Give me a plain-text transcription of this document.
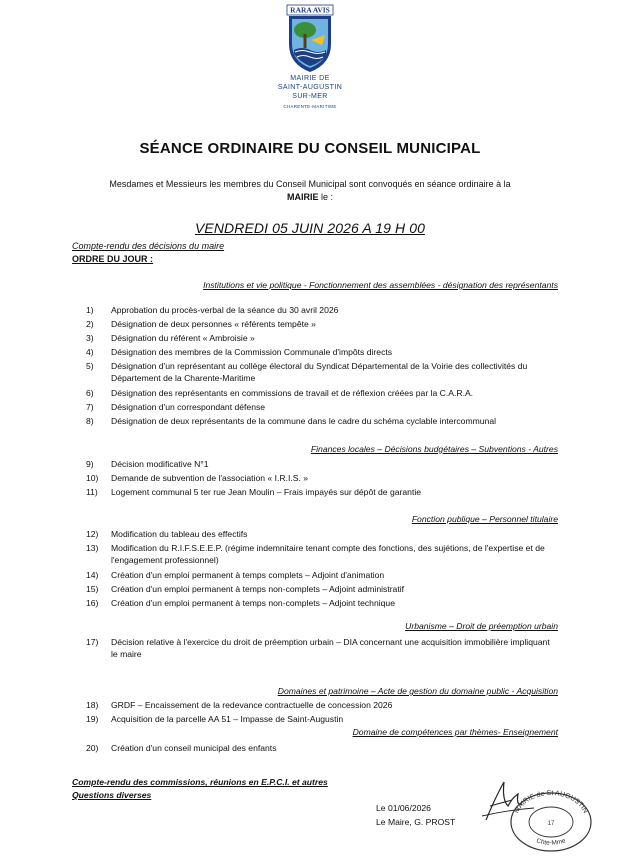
RARA AVIS
MAIRIE DE
SAINT-AUGUSTIN
SUR-MER
CHARENTE-MARITIME
SÉANCE ORDINAIRE DU CONSEIL MUNICIPAL
Mesdames et Messieurs les membres du Conseil Municipal sont convoqués en séance ordinaire à la
MAIRIE le :
VENDREDI 05 JUIN 2026 A 19 H 00
Compte-rendu des décisions du maire
ORDRE DU JOUR :
Institutions et vie politique - Fonctionnement des assemblées - désignation des représentants
Finances locales – Décisions budgétaires – Subventions - Autres
Fonction publique – Personnel titulaire
Urbanisme – Droit de préemption urbain
Domaines et patrimoine – Acte de gestion du domaine public - Acquisition
Domaine de compétences par thèmes- Enseignement
1)	Approbation du procès-verbal de la séance du 30 avril 2026
2)	Désignation de deux personnes « référents tempête »
3)	Désignation du référent « Ambroisie »
4)	Désignation des membres de la Commission Communale d'impôts directs
5)	Désignation d'un représentant au collège électoral du Syndicat Départemental de la Voirie des collectivités du Département de la Charente-Maritime
6)	Désignation des représentants en commissions de travail et de réflexion créées par la C.A.R.A.
7)	Désignation d'un correspondant défense
8)	Désignation de deux représentants de la commune dans le cadre du schéma cyclable intercommunal
9)	Décision modificative N°1
10)	Demande de subvention de l'association « I.R.I.S. »
11)	Logement communal 5 ter rue Jean Moulin – Frais impayés sur dépôt de garantie
12)	Modification du tableau des effectifs
13)	Modification du R.I.F.S.E.E.P. (régime indemnitaire tenant compte des fonctions, des sujétions, de l'expertise et de l'engagement professionnel)
14)	Création d'un emploi permanent à temps complets – Adjoint d'animation
15)	Création d'un emploi permanent à temps non-complets – Adjoint administratif
16)	Création d'un emploi permanent à temps non-complets – Adjoint technique
17)	Décision relative à l'exercice du droit de préemption urbain – DIA concernant une acquisition immobilière impliquant le maire
18)	GRDF – Encaissement de la redevance contractuelle de concession 2026
19)	Acquisition de la parcelle AA 51 – Impasse de Saint-Augustin
20)	Création d'un conseil municipal des enfants
Compte-rendu des commissions, réunions en E.P.C.I. et autres
Questions diverses
Le 01/06/2026
Le Maire, G. PROST
MAIRIE de St AUGUSTIN
Chte-Mme
17
